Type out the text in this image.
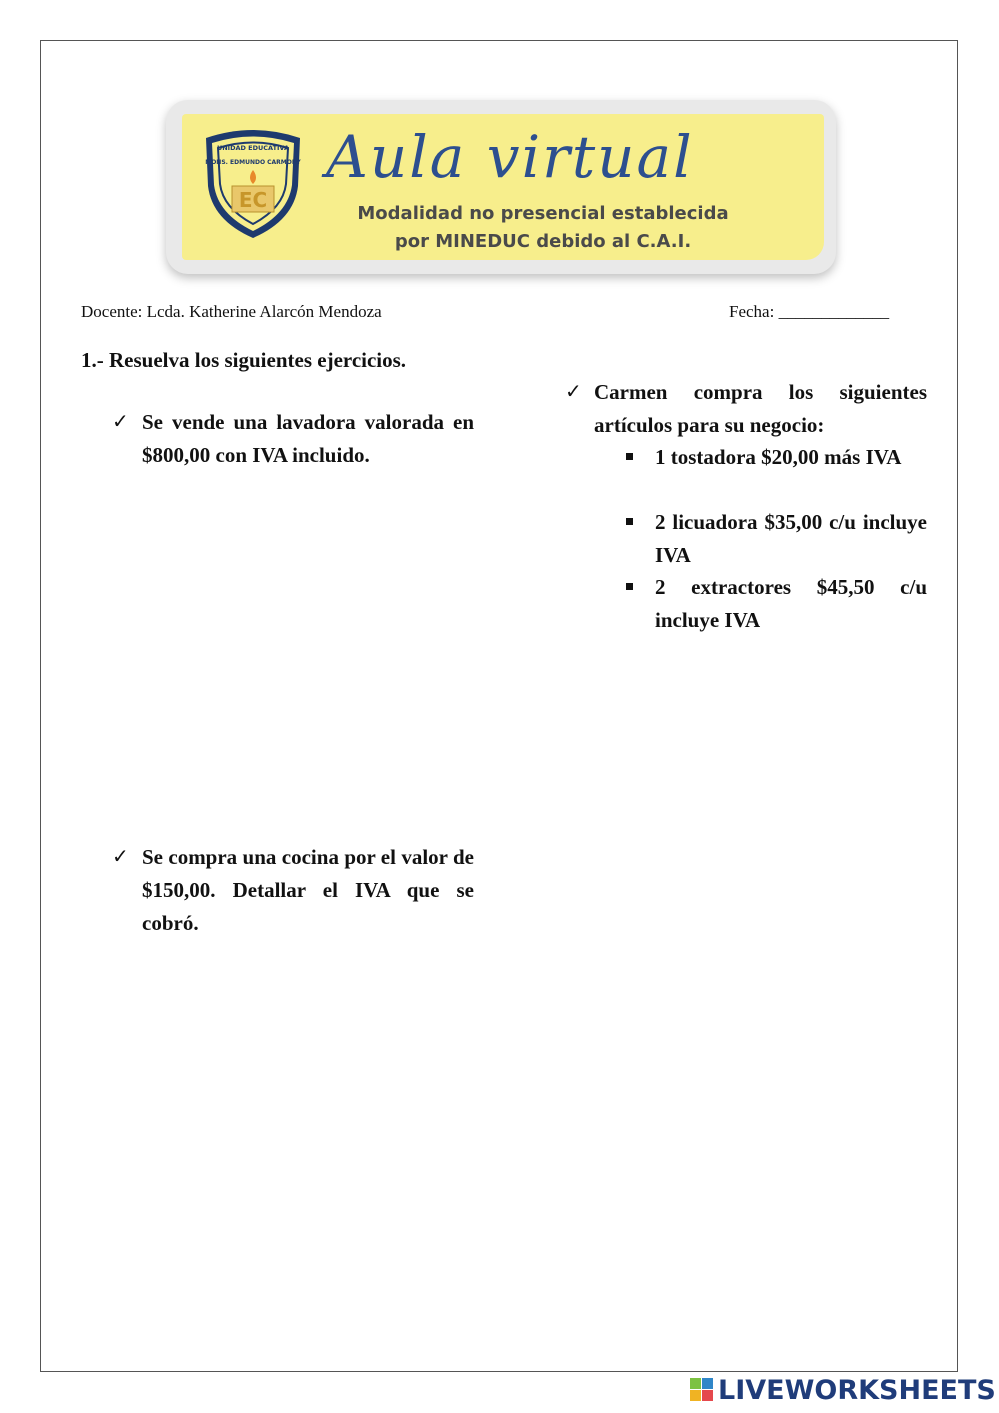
UNIDAD EDUCATIVA
MONS. EDMUNDO CARMODY
EC
Aula virtual
Modalidad no presencial establecida
por MINEDUC debido al C.A.I.
Docente: Lcda. Katherine Alarcón Mendoza	Fecha: _____________
1.- Resuelva los siguientes ejercicios.
✓ Se vende una lavadora valorada en $800,00 con IVA incluido.
✓ Se compra una cocina por el valor de $150,00. Detallar el IVA que se cobró.
✓ Carmen compra los siguientes artículos para su negocio:
1 tostadora $20,00 más IVA
2 licuadora $35,00 c/u incluye IVA
2 extractores $45,50 c/u incluye IVA
LIVEWORKSHEETS
